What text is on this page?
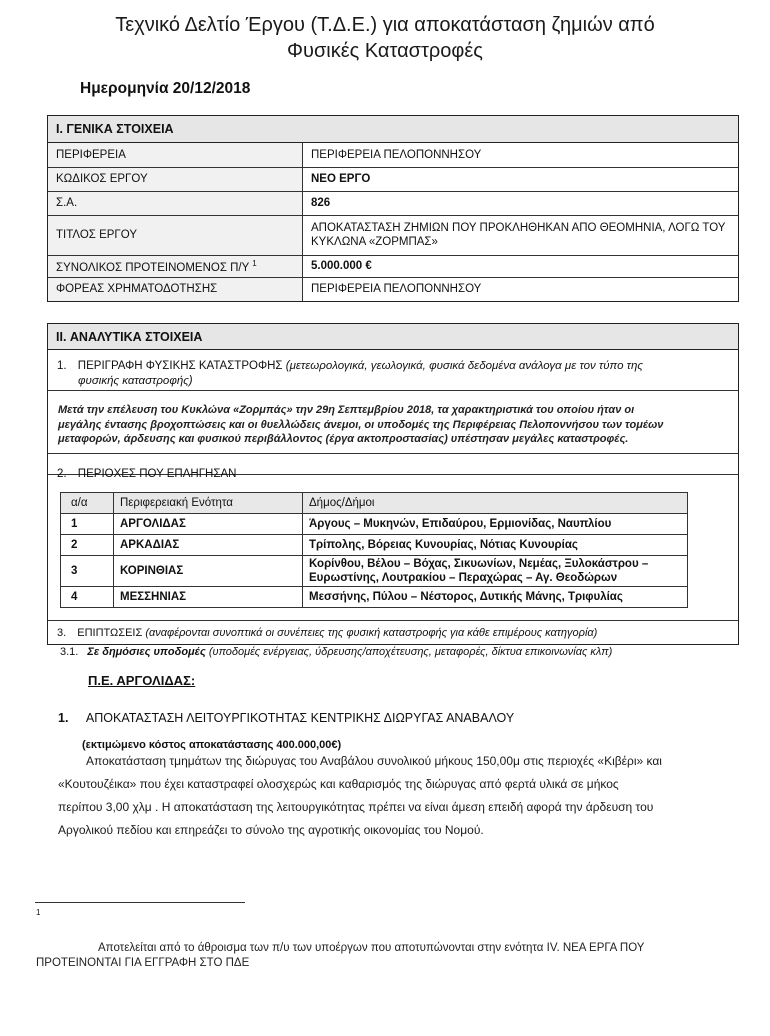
Τεχνικό Δελτίο Έργου (Τ.Δ.Ε.) για αποκατάσταση ζημιών από
Φυσικές Καταστροφές
Ημερομηνία 20/12/2018
I. ΓΕΝΙΚΑ ΣΤΟΙΧΕΙΑ
ΠΕΡΙΦΕΡΕΙΑ	ΠΕΡΙΦΕΡΕΙΑ ΠΕΛΟΠΟΝΝΗΣΟΥ
ΚΩΔΙΚΟΣ ΕΡΓΟΥ	ΝΕΟ ΕΡΓΟ
Σ.Α.	826
ΤΙΤΛΟΣ ΕΡΓΟΥ	ΑΠΟΚΑΤΑΣΤΑΣΗ ΖΗΜΙΩΝ ΠΟΥ ΠΡΟΚΛΗΘΗΚΑΝ ΑΠΟ ΘΕΟΜΗΝΙΑ, ΛΟΓΩ ΤΟΥ ΚΥΚΛΩΝΑ «ΖΟΡΜΠΑΣ»
ΣΥΝΟΛΙΚΟΣ ΠΡΟΤΕΙΝΟΜΕΝΟΣ Π/Υ $^1$	5.000.000 €
ΦΟΡΕΑΣ ΧΡΗΜΑΤΟΔΟΤΗΣΗΣ	ΠΕΡΙΦΕΡΕΙΑ ΠΕΛΟΠΟΝΝΗΣΟΥ
II. ΑΝΑΛΥΤΙΚΑ ΣΤΟΙΧΕΙΑ
1. ΠΕΡΙΓΡΑΦΗ ΦΥΣΙΚΗΣ ΚΑΤΑΣΤΡΟΦΗΣ (μετεωρολογικά, γεωλογικά, φυσικά δεδομένα ανάλογα με τον τύπο της
φυσικής καταστροφής)
Μετά την επέλευση του Κυκλώνα «Ζορμπάς» την 29η Σεπτεμβρίου 2018, τα χαρακτηριστικά του οποίου ήταν οι
μεγάλης έντασης βροχοπτώσεις και οι θυελλώδεις άνεμοι, οι υποδομές της Περιφέρειας Πελοποννήσου των τομέων
μεταφορών, άρδευσης και φυσικού περιβάλλοντος (έργα ακτοπροστασίας) υπέστησαν μεγάλες καταστροφές.
2. ΠΕΡΙΟΧΕΣ ΠΟΥ ΕΠΛΗΓΗΣΑΝ
α/α	Περιφερειακή Ενότητα	Δήμος/Δήμοι
1	ΑΡΓΟΛΙΔΑΣ	Άργους – Μυκηνών, Επιδαύρου, Ερμιονίδας, Ναυπλίου
2	ΑΡΚΑΔΙΑΣ	Τρίπολης, Βόρειας Κυνουρίας, Νότιας Κυνουρίας
3	ΚΟΡΙΝΘΙΑΣ	Κορίνθου, Βέλου – Βόχας, Σικυωνίων, Νεμέας, Ξυλοκάστρου –
Ευρωστίνης, Λουτρακίου – Περαχώρας – Αγ. Θεοδώρων

4	ΜΕΣΣΗΝΙΑΣ	Μεσσήνης, Πύλου – Νέστορος, Δυτικής Μάνης, Τριφυλίας
3. ΕΠΙΠΤΩΣΕΙΣ (αναφέρονται συνοπτικά οι συνέπειες της φυσική καταστροφής για κάθε επιμέρους κατηγορία)
3.1. Σε δημόσιες υποδομές (υποδομές ενέργειας, ύδρευσης/αποχέτευσης, μεταφορές, δίκτυα επικοινωνίας κλπ)
Π.Ε. ΑΡΓΟΛΙΔΑΣ:
1. ΑΠΟΚΑΤΑΣΤΑΣΗ ΛΕΙΤΟΥΡΓΙΚΟΤΗΤΑΣ ΚΕΝΤΡΙΚΗΣ ΔΙΩΡΥΓΑΣ ΑΝΑΒΑΛΟΥ
(εκτιμώμενο κόστος αποκατάστασης 400.000,00€)
Αποκατάσταση τμημάτων της διώρυγας του Αναβάλου συνολικού μήκους 150,00μ στις περιοχές «Κιβέρι» και
«Κουτουζέικα» που έχει καταστραφεί ολοσχερώς και καθαρισμός της διώρυγας από φερτά υλικά σε μήκος
περίπου 3,00 χλμ . Η αποκατάσταση της λειτουργικότητας πρέπει να είναι άμεση επειδή αφορά την άρδευση του
Αργολικού πεδίου και επηρεάζει το σύνολο της αγροτικής οικονομίας του Νομού.
1
Αποτελείται από το άθροισμα των π/υ των υποέργων που αποτυπώνονται στην ενότητα IV. ΝΕΑ ΕΡΓΑ ΠΟΥ
ΠΡΟΤΕΙΝΟΝΤΑΙ ΓΙΑ ΕΓΓΡΑΦΗ ΣΤΟ ΠΔΕ
